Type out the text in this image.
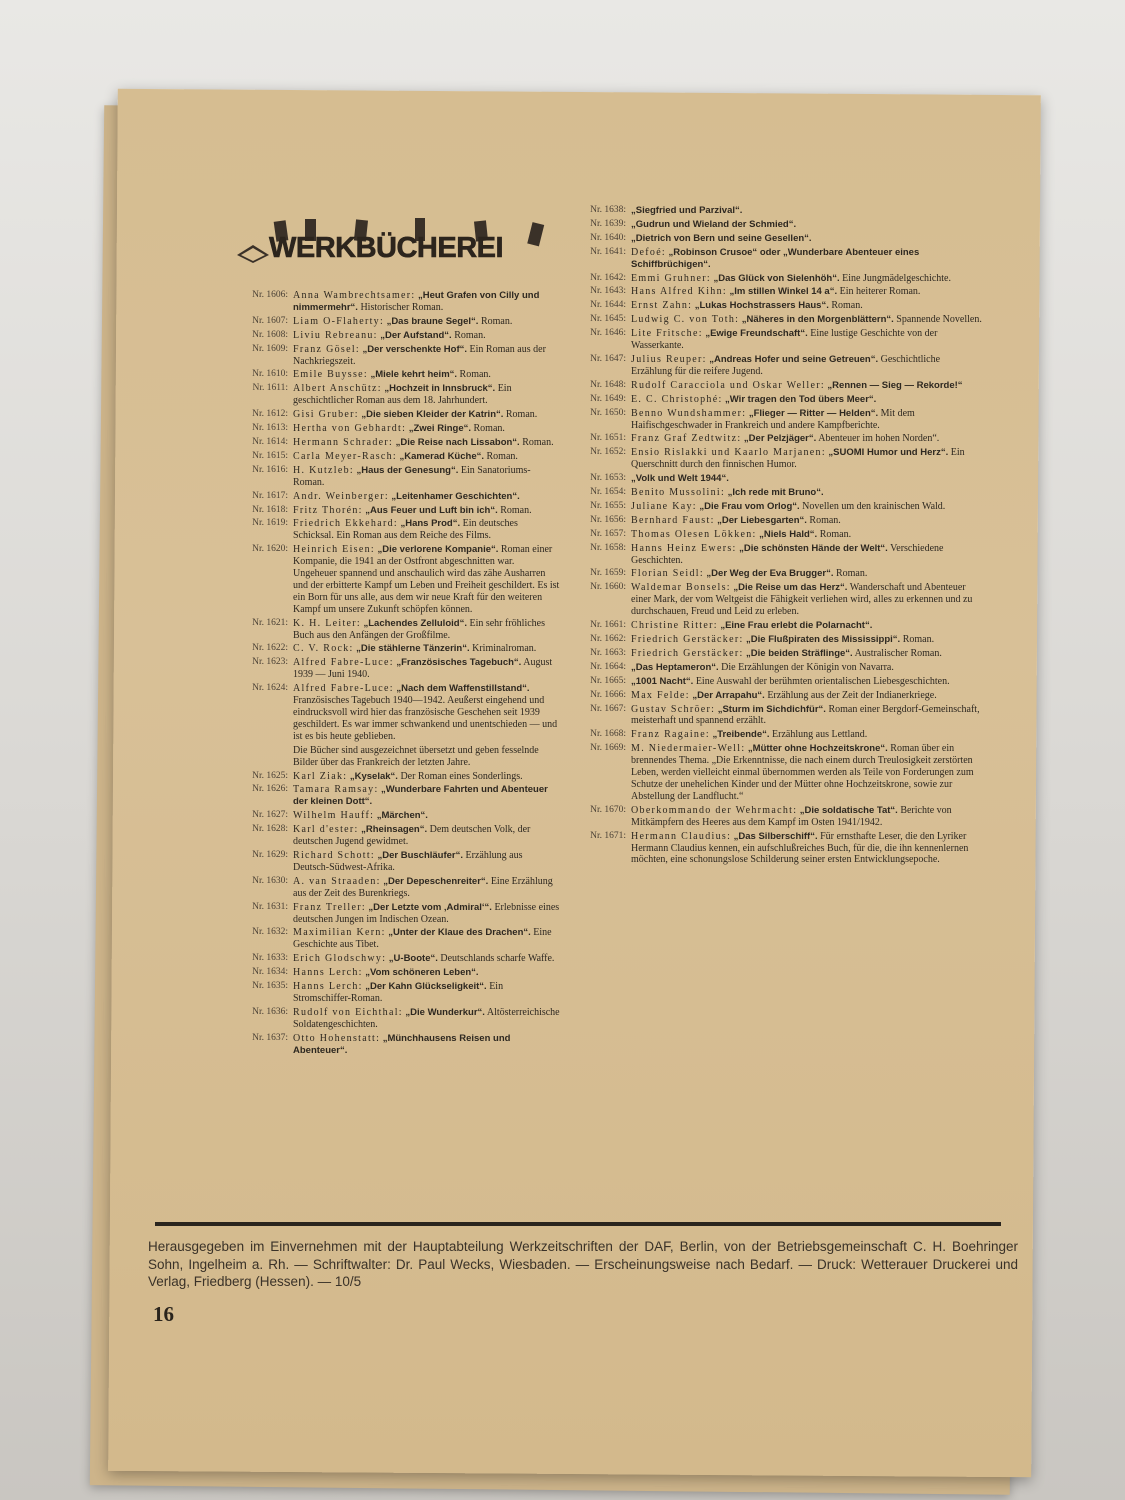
WERKBÜCHEREI
Nr. 1606: Anna Wambrechtsamer: „Heut Grafen von Cilly und nimmermehr“. Historischer Roman.
Nr. 1607: Liam O-Flaherty: „Das braune Segel“. Roman.
Nr. 1608: Liviu Rebreanu: „Der Aufstand“. Roman.
Nr. 1609: Franz Gösel: „Der verschenkte Hof“. Ein Roman aus der Nachkriegszeit.
Nr. 1610: Emile Buysse: „Miele kehrt heim“. Roman.
Nr. 1611: Albert Anschütz: „Hochzeit in Innsbruck“. Ein geschichtlicher Roman aus dem 18. Jahrhundert.
Nr. 1612: Gisi Gruber: „Die sieben Kleider der Katrin“. Roman.
Nr. 1613: Hertha von Gebhardt: „Zwei Ringe“. Roman.
Nr. 1614: Hermann Schrader: „Die Reise nach Lissabon“. Roman.
Nr. 1615: Carla Meyer-Rasch: „Kamerad Küche“. Roman.
Nr. 1616: H. Kutzleb: „Haus der Genesung“. Ein Sanatoriums-Roman.
Nr. 1617: Andr. Weinberger: „Leitenhamer Geschichten“.
Nr. 1618: Fritz Thorén: „Aus Feuer und Luft bin ich“. Roman.
Nr. 1619: Friedrich Ekkehard: „Hans Prod“. Ein deutsches Schicksal. Ein Roman aus dem Reiche des Films.
Nr. 1620: Heinrich Eisen: „Die verlorene Kompanie“. Roman einer Kompanie, die 1941 an der Ostfront abgeschnitten war. Ungeheuer spannend und anschaulich wird das zähe Ausharren und der erbitterte Kampf um Leben und Freiheit geschildert. Es ist ein Born für uns alle, aus dem wir neue Kraft für den weiteren Kampf um unsere Zukunft schöpfen können.
Nr. 1621: K. H. Leiter: „Lachendes Zelluloid“. Ein sehr fröhliches Buch aus den Anfängen der Großfilme.
Nr. 1622: C. V. Rock: „Die stählerne Tänzerin“. Kriminalroman.
Nr. 1623: Alfred Fabre-Luce: „Französisches Tagebuch“. August 1939 — Juni 1940.
Nr. 1624: Alfred Fabre-Luce: „Nach dem Waffenstillstand“. Französisches Tagebuch 1940—1942. Aeußerst eingehend und eindrucksvoll wird hier das französische Geschehen seit 1939 geschildert. Es war immer schwankend und unentschieden — und ist es bis heute geblieben.
Die Bücher sind ausgezeichnet übersetzt und geben fesselnde Bilder über das Frankreich der letzten Jahre.
Nr. 1625: Karl Ziak: „Kyselak“. Der Roman eines Sonderlings.
Nr. 1626: Tamara Ramsay: „Wunderbare Fahrten und Abenteuer der kleinen Dott“.
Nr. 1627: Wilhelm Hauff: „Märchen“.
Nr. 1628: Karl d'ester: „Rheinsagen“. Dem deutschen Volk, der deutschen Jugend gewidmet.
Nr. 1629: Richard Schott: „Der Buschläufer“. Erzählung aus Deutsch-Südwest-Afrika.
Nr. 1630: A. van Straaden: „Der Depeschenreiter“. Eine Erzählung aus der Zeit des Burenkriegs.
Nr. 1631: Franz Treller: „Der Letzte vom ‚Admiral‘“. Erlebnisse eines deutschen Jungen im Indischen Ozean.
Nr. 1632: Maximilian Kern: „Unter der Klaue des Drachen“. Eine Geschichte aus Tibet.
Nr. 1633: Erich Glodschwy: „U-Boote“. Deutschlands scharfe Waffe.
Nr. 1634: Hanns Lerch: „Vom schöneren Leben“.
Nr. 1635: Hanns Lerch: „Der Kahn Glückseligkeit“. Ein Stromschiffer-Roman.
Nr. 1636: Rudolf von Eichthal: „Die Wunderkur“. Altösterreichische Soldatengeschichten.
Nr. 1637: Otto Hohenstatt: „Münchhausens Reisen und Abenteuer“.
Nr. 1638: „Siegfried und Parzival“.
Nr. 1639: „Gudrun und Wieland der Schmied“.
Nr. 1640: „Dietrich von Bern und seine Gesellen“.
Nr. 1641: Defoé: „Robinson Crusoe“ oder „Wunderbare Abenteuer eines Schiffbrüchigen“.
Nr. 1642: Emmi Gruhner: „Das Glück von Sielenhöh“. Eine Jungmädelgeschichte.
Nr. 1643: Hans Alfred Kihn: „Im stillen Winkel 14 a“. Ein heiterer Roman.
Nr. 1644: Ernst Zahn: „Lukas Hochstrassers Haus“. Roman.
Nr. 1645: Ludwig C. von Toth: „Näheres in den Morgenblättern“. Spannende Novellen.
Nr. 1646: Lite Fritsche: „Ewige Freundschaft“. Eine lustige Geschichte von der Wasserkante.
Nr. 1647: Julius Reuper: „Andreas Hofer und seine Getreuen“. Geschichtliche Erzählung für die reifere Jugend.
Nr. 1648: Rudolf Caracciola und Oskar Weller: „Rennen — Sieg — Rekorde!“
Nr. 1649: E. C. Christophé: „Wir tragen den Tod übers Meer“.
Nr. 1650: Benno Wundshammer: „Flieger — Ritter — Helden“. Mit dem Haifischgeschwader in Frankreich und andere Kampfberichte.
Nr. 1651: Franz Graf Zedtwitz: „Der Pelzjäger“. Abenteuer im hohen Norden“.
Nr. 1652: Ensio Rislakki und Kaarlo Marjanen: „SUOMI Humor und Herz“. Ein Querschnitt durch den finnischen Humor.
Nr. 1653: „Volk und Welt 1944“.
Nr. 1654: Benito Mussolini: „Ich rede mit Bruno“.
Nr. 1655: Juliane Kay: „Die Frau vom Orlog“. Novellen um den krainischen Wald.
Nr. 1656: Bernhard Faust: „Der Liebesgarten“. Roman.
Nr. 1657: Thomas Olesen Lökken: „Niels Hald“. Roman.
Nr. 1658: Hanns Heinz Ewers: „Die schönsten Hände der Welt“. Verschiedene Geschichten.
Nr. 1659: Florian Seidl: „Der Weg der Eva Brugger“. Roman.
Nr. 1660: Waldemar Bonsels: „Die Reise um das Herz“. Wanderschaft und Abenteuer einer Mark, der vom Weltgeist die Fähigkeit verliehen wird, alles zu erkennen und zu durchschauen, Freud und Leid zu erleben.
Nr. 1661: Christine Ritter: „Eine Frau erlebt die Polarnacht“.
Nr. 1662: Friedrich Gerstäcker: „Die Flußpiraten des Mississippi“. Roman.
Nr. 1663: Friedrich Gerstäcker: „Die beiden Sträflinge“. Australischer Roman.
Nr. 1664: „Das Heptameron“. Die Erzählungen der Königin von Navarra.
Nr. 1665: „1001 Nacht“. Eine Auswahl der berühmten orientalischen Liebesgeschichten.
Nr. 1666: Max Felde: „Der Arrapahu“. Erzählung aus der Zeit der Indianerkriege.
Nr. 1667: Gustav Schröer: „Sturm im Sichdichfür“. Roman einer Bergdorf-Gemeinschaft, meisterhaft und spannend erzählt.
Nr. 1668: Franz Ragaine: „Treibende“. Erzählung aus Lettland.
Nr. 1669: M. Niedermaier-Well: „Mütter ohne Hochzeitskrone“. Roman über ein brennendes Thema. „Die Erkenntnisse, die nach einem durch Treulosigkeit zerstörten Leben, werden vielleicht einmal übernommen werden als Teile von Forderungen zum Schutze der unehelichen Kinder und der Mütter ohne Hochzeitskrone, sowie zur Abstellung der Landflucht.“
Nr. 1670: Oberkommando der Wehrmacht: „Die soldatische Tat“. Berichte von Mitkämpfern des Heeres aus dem Kampf im Osten 1941/1942.
Nr. 1671: Hermann Claudius: „Das Silberschiff“. Für ernsthafte Leser, die den Lyriker Hermann Claudius kennen, ein aufschlußreiches Buch, für die, die ihn kennenlernen möchten, eine schonungslose Schilderung seiner ersten Entwicklungsepoche.
Herausgegeben im Einvernehmen mit der Hauptabteilung Werkzeitschriften der DAF, Berlin, von der Betriebsgemeinschaft C. H. Boehringer Sohn, Ingelheim a. Rh. — Schriftwalter: Dr. Paul Wecks, Wiesbaden. — Erscheinungsweise nach Bedarf. — Druck: Wetterauer Druckerei und Verlag, Friedberg (Hessen). — 10/5
16
